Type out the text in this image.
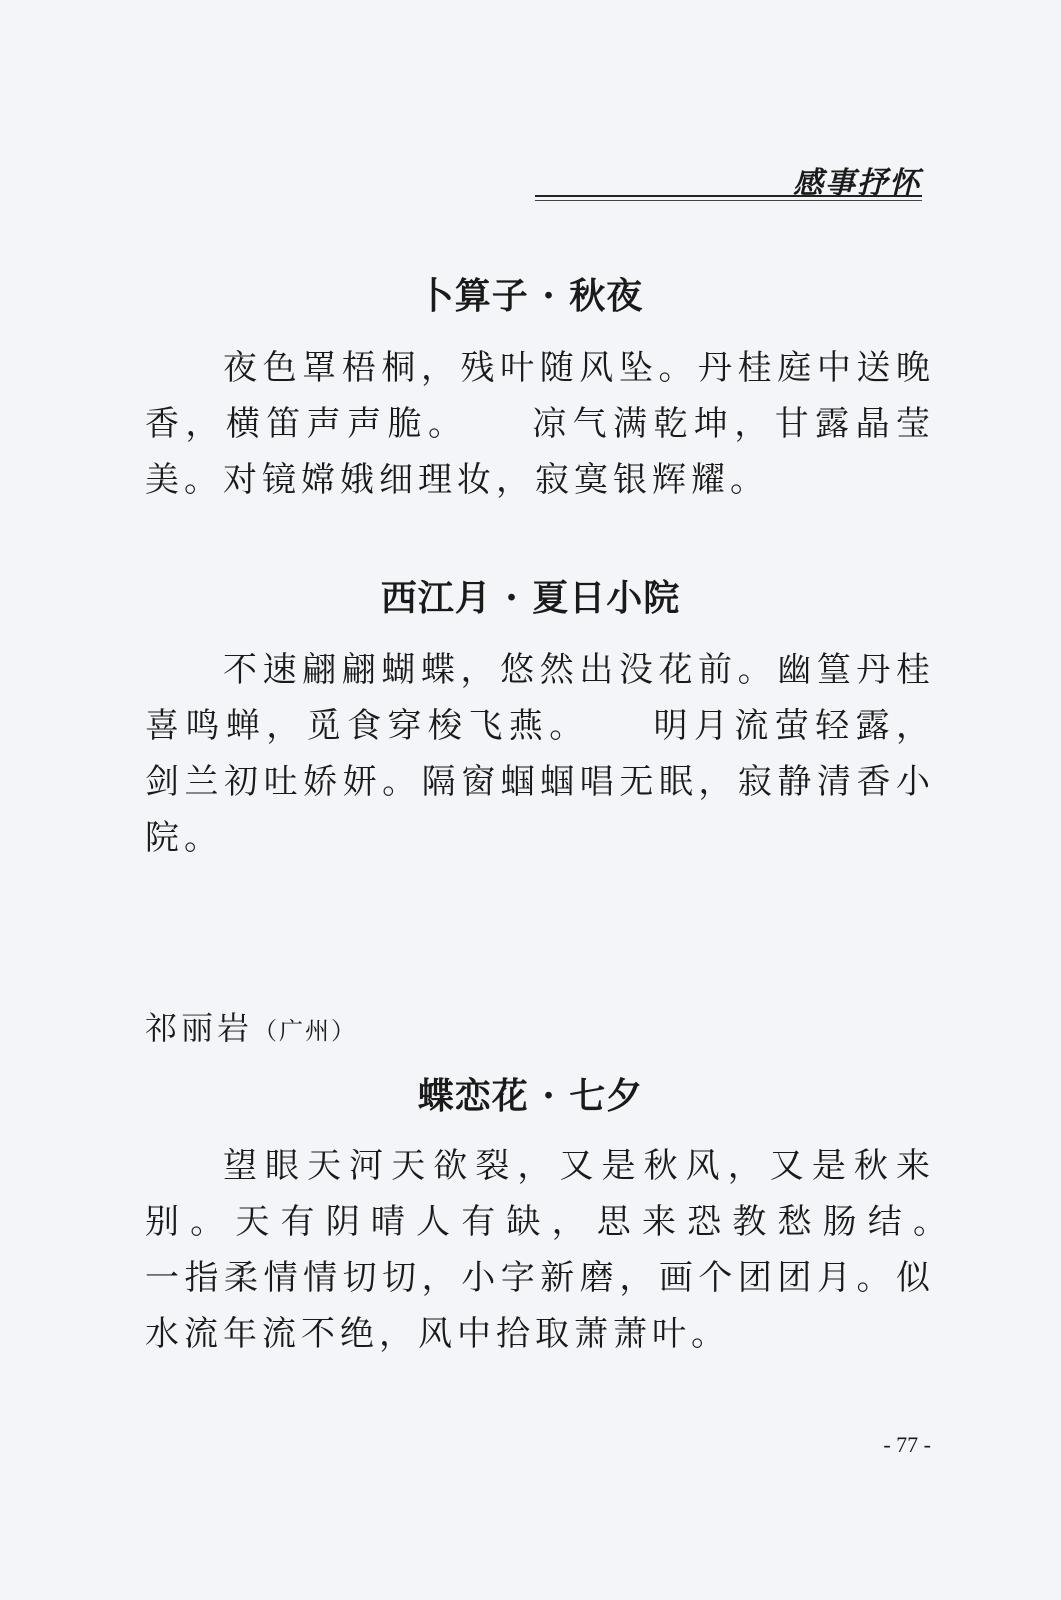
感事抒怀
卜算子 · 秋夜
夜色罩梧桐，残叶随风坠。丹桂庭中送晚香，横笛声声脆。　　凉气满乾坤，甘露晶莹美。对镜嫦娥细理妆，寂寞银辉耀。
西江月 · 夏日小院
不速翩翩蝴蝶，悠然出没花前。幽篁丹桂喜鸣蝉，觅食穿梭飞燕。　　明月流萤轻露，剑兰初吐娇妍。隔窗蝈蝈唱无眠，寂静清香小院。
祁丽岩（广州）
蝶恋花 · 七夕
望眼天河天欲裂，又是秋风，又是秋来别。天有阴晴人有缺，思来恐教愁肠结。　　一指柔情情切切，小字新磨，画个团团月。似水流年流不绝，风中拾取萧萧叶。
- 77 -
